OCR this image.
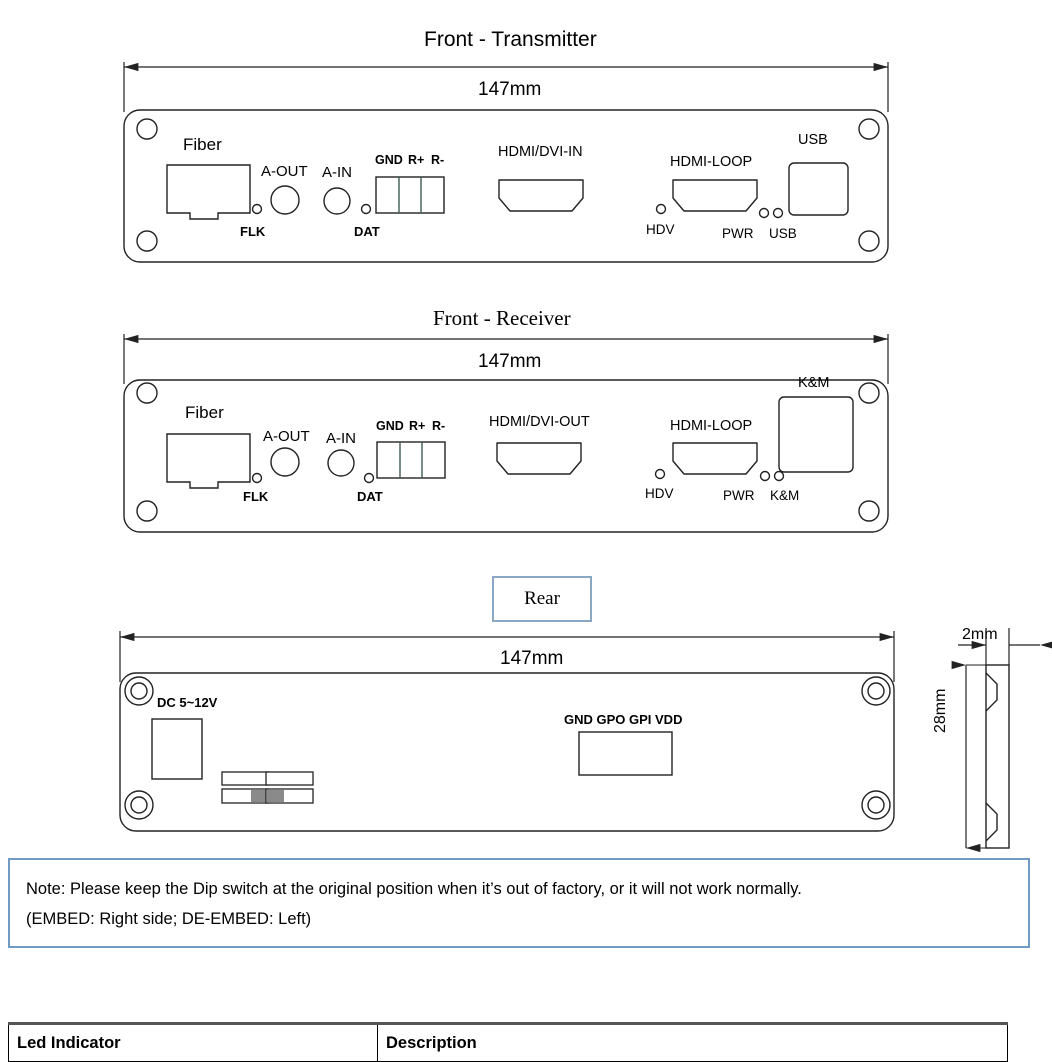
Front - Transmitter
Front - Receiver
Rear
147mm
Fiber
A-OUT A-IN
GND R+ R-	HDMI/DVI-IN
HDMI-LOOP
USB
FLK	DAT	HDV	PWR USB
147mm
Fiber
A-OUT A-IN
GND R+ R-	HDMI/DVI-OUT	HDMI-LOOP
K&M
FLK	DAT	HDV	PWR K&M
147mm
DC 5~12V
GND GPO GPI VDD
2mm
28mm
Note: Please keep the Dip switch at the original position when it’s out of factory, or it will not work normally.
(EMBED: Right side; DE-EMBED: Left)
Led Indicator	Description
